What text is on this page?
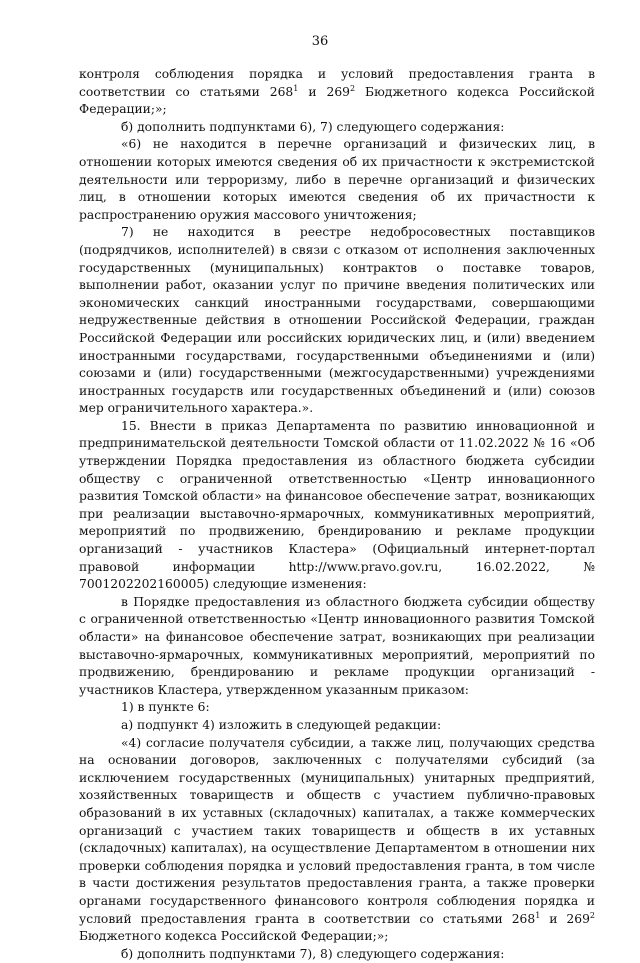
36

контроля соблюдения порядка и условий предоставления гранта в соответствии со статьями $268^1$ и $269^2$ Бюджетного кодекса Российской Федерации;»;

б) дополнить подпунктами 6), 7) следующего содержания:

«6) не находится в перечне организаций и физических лиц, в отношении которых имеются сведения об их причастности к экстремистской деятельности или терроризму, либо в перечне организаций и физических лиц, в отношении которых имеются сведения об их причастности к распространению оружия массового уничтожения;

7) не находится в реестре недобросовестных поставщиков (подрядчиков, исполнителей) в связи с отказом от исполнения заключенных государственных (муниципальных) контрактов о поставке товаров, выполнении работ, оказании услуг по причине введения политических или экономических санкций иностранными государствами, совершающими недружественные действия в отношении Российской Федерации, граждан Российской Федерации или российских юридических лиц, и (или) введением иностранными государствами, государственными объединениями и (или) союзами и (или) государственными (межгосударственными) учреждениями иностранных государств или государственных объединений и (или) союзов мер ограничительного характера.».

15. Внести в приказ Департамента по развитию инновационной и предпринимательской деятельности Томской области от 11.02.2022 № 16 «Об утверждении Порядка предоставления из областного бюджета субсидии обществу с ограниченной ответственностью «Центр инновационного развития Томской области» на финансовое обеспечение затрат, возникающих при реализации выставочно-ярмарочных, коммуникативных мероприятий, мероприятий по продвижению, брендированию и рекламе продукции организаций - участников Кластера» (Официальный интернет-портал правовой информации http://www.pravo.gov.ru, 16.02.2022, № 7001202202160005) следующие изменения:

в Порядке предоставления из областного бюджета субсидии обществу с ограниченной ответственностью «Центр инновационного развития Томской области» на финансовое обеспечение затрат, возникающих при реализации выставочно-ярмарочных, коммуникативных мероприятий, мероприятий по продвижению, брендированию и рекламе продукции организаций - участников Кластера, утвержденном указанным приказом:

1) в пункте 6:

а) подпункт 4) изложить в следующей редакции:

«4) согласие получателя субсидии, а также лиц, получающих средства на основании договоров, заключенных с получателями субсидий (за исключением государственных (муниципальных) унитарных предприятий, хозяйственных товариществ и обществ с участием публично-правовых образований в их уставных (складочных) капиталах, а также коммерческих организаций с участием таких товариществ и обществ в их уставных (складочных) капиталах), на осуществление Департаментом в отношении них проверки соблюдения порядка и условий предоставления гранта, в том числе в части достижения результатов предоставления гранта, а также проверки органами государственного финансового контроля соблюдения порядка и условий предоставления гранта в соответствии со статьями $268^1$ и $269^2$ Бюджетного кодекса Российской Федерации;»;

б) дополнить подпунктами 7), 8) следующего содержания:
